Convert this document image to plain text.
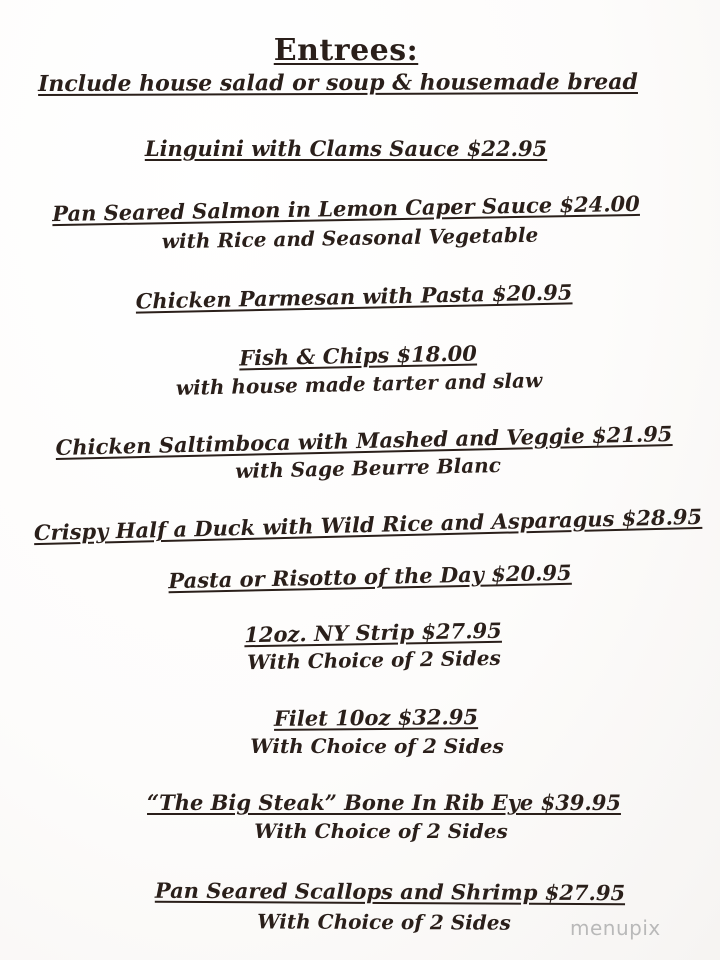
Entrees:
Include house salad or soup & housemade bread
Linguini with Clams Sauce $22.95
Pan Seared Salmon in Lemon Caper Sauce $24.00
with Rice and Seasonal Vegetable
Chicken Parmesan with Pasta $20.95
Fish & Chips $18.00
with house made tarter and slaw
Chicken Saltimboca with Mashed and Veggie $21.95
with Sage Beurre Blanc
Crispy Half a Duck with Wild Rice and Asparagus $28.95
Pasta or Risotto of the Day $20.95
12oz. NY Strip $27.95
With Choice of 2 Sides
Filet 10oz $32.95
With Choice of 2 Sides
“The Big Steak” Bone In Rib Eye $39.95
With Choice of 2 Sides
Pan Seared Scallops and Shrimp $27.95
With Choice of 2 Sides	menupix
